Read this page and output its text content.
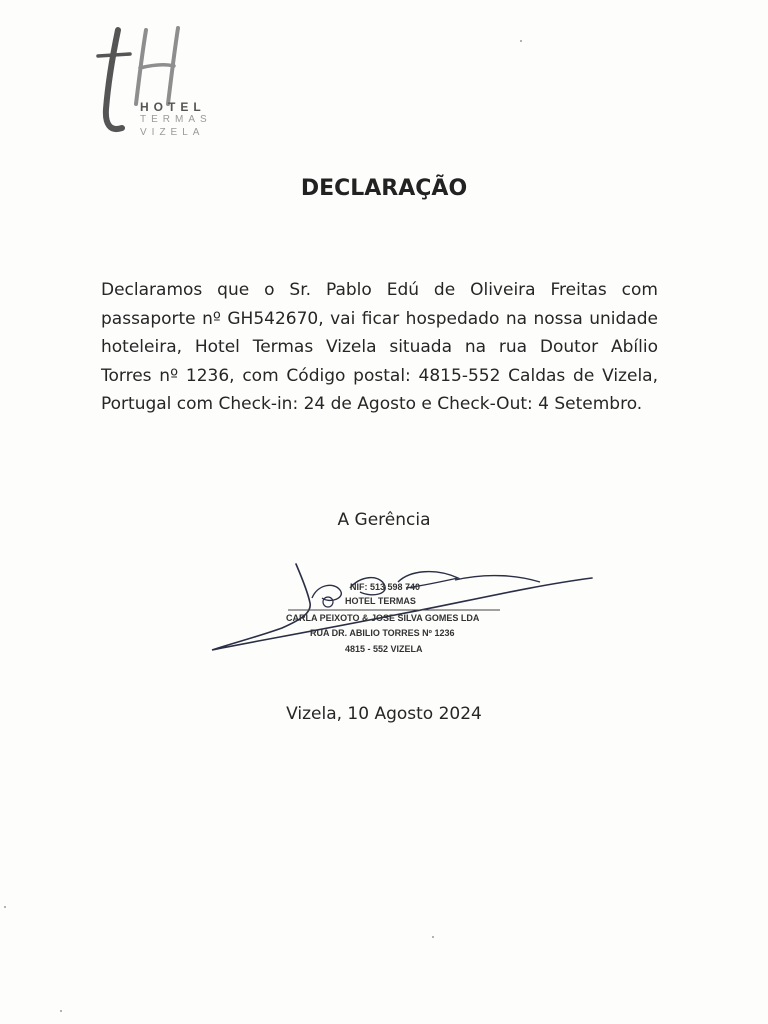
HOTEL
TERMAS
VIZELA
DECLARAÇÃO
Declaramos que o Sr. Pablo Edú de Oliveira Freitas com
passaporte nº GH542670, vai ficar hospedado na nossa unidade
hoteleira, Hotel Termas Vizela situada na rua Doutor Abílio
Torres nº 1236, com Código postal: 4815-552 Caldas de Vizela,
Portugal com Check-in: 24 de Agosto e Check-Out: 4 Setembro.
A Gerência
NIF: 513 598 740
HOTEL TERMAS
CARLA PEIXOTO & JOSE SILVA GOMES LDA
RUA DR. ABILIO TORRES Nº 1236
4815 - 552 VIZELA
Vizela, 10 Agosto 2024
